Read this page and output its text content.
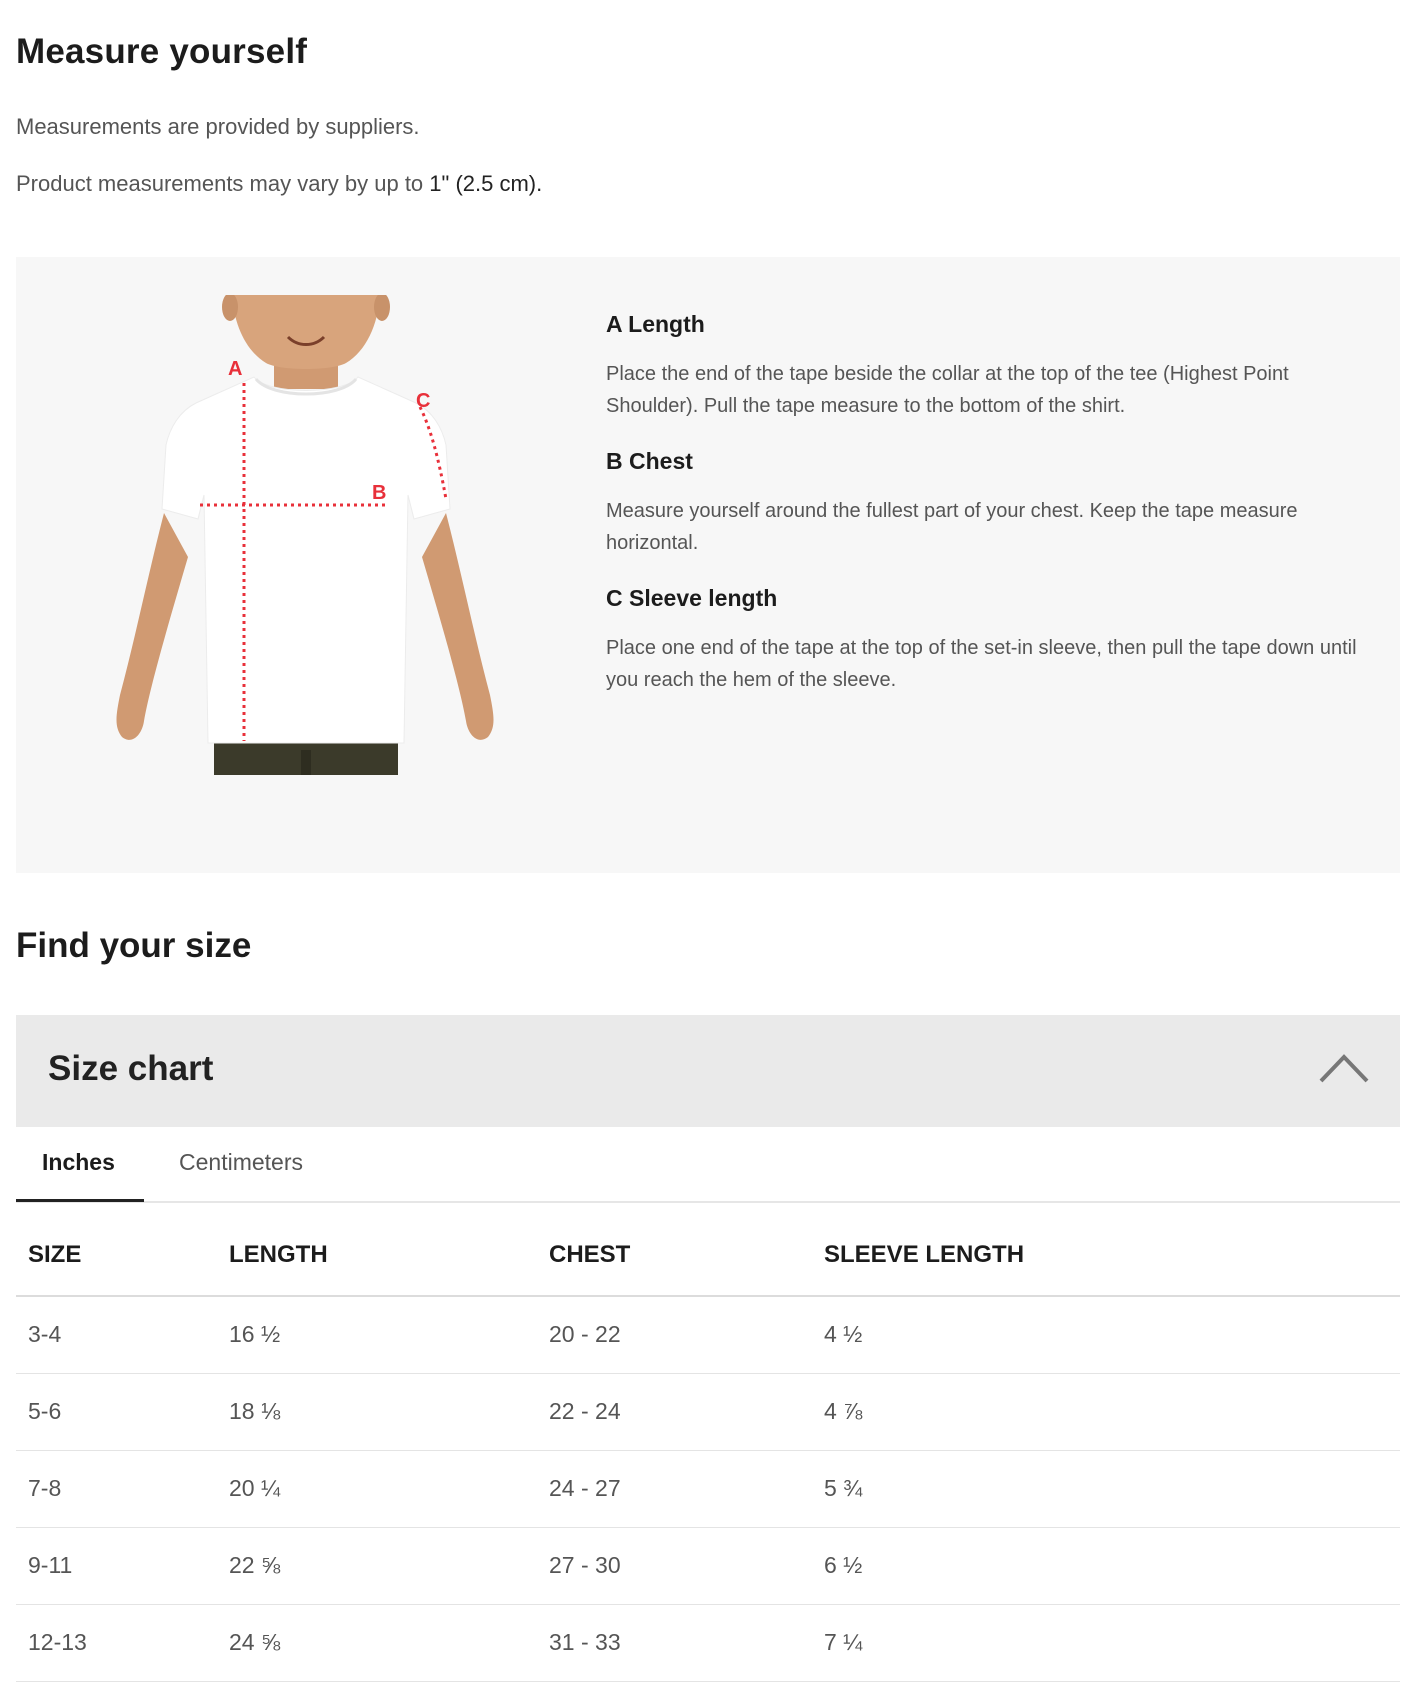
Measure yourself

Measurements are provided by suppliers.

Product measurements may vary by up to 1" (2.5 cm).

A
B
C
A Length

Place the end of the tape beside the collar at the top of the tee (Highest Point Shoulder). Pull the tape measure to the bottom of the shirt.

B Chest

Measure yourself around the fullest part of your chest. Keep the tape measure horizontal.

C Sleeve length

Place one end of the tape at the top of the set-in sleeve, then pull the tape down until you reach the hem of the sleeve.

Find your size
Size chart
Inches	Centimeters
SIZE	LENGTH	CHEST	SLEEVE LENGTH
3-4	16 ½	20 - 22	4 ½
5-6	18 ⅛	22 - 24	4 ⅞
7-8	20 ¼	24 - 27	5 ¾
9-11	22 ⅝	27 - 30	6 ½
12-13	24 ⅝	31 - 33	7 ¼
